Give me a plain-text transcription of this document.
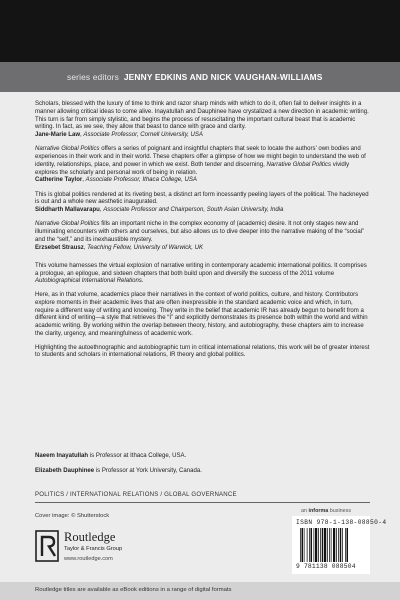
series editors JENNY EDKINS AND NICK VAUGHAN-WILLIAMS

Scholars, blessed with the luxury of time to think and razor sharp minds with which to do it, often fail to deliver insights in a manner allowing critical ideas to come alive. Inayatullah and Dauphinee have crystalized a new direction in academic writing. This turn is far from simply stylistic, and begins the process of resuscitating the important cultural beast that is academic writing. In fact, as we see, they allow that beast to dance with grace and clarity.
Jane-Marie Law, Associate Professor, Cornell University, USA

Narrative Global Politics offers a series of poignant and insightful chapters that seek to locate the authors' own bodies and experiences in their work and in their world. These chapters offer a glimpse of how we might begin to understand the web of identity, relationships, place, and power in which we exist. Both tender and discerning, Narrative Global Politics vividly explores the scholarly and personal work of being in relation.
Catherine Taylor, Associate Professor, Ithaca College, USA

This is global politics rendered at its riveting best, a distinct art form incessantly peeling layers of the political. The hackneyed is out and a whole new aesthetic inaugurated.
Siddharth Mallavarapu, Associate Professor and Chairperson, South Asian University, India

Narrative Global Politics fills an important niche in the complex economy of (academic) desire. It not only stages new and illuminating encounters with others and ourselves, but also allows us to dive deeper into the narrative making of the “social” and the “self,” and its inexhaustible mystery.
Erzsebet Strausz, Teaching Fellow, University of Warwick, UK

This volume harnesses the virtual explosion of narrative writing in contemporary academic international politics. It comprises a prologue, an epilogue, and sixteen chapters that both build upon and diversify the success of the 2011 volume Autobiographical International Relations.

Here, as in that volume, academics place their narratives in the context of world politics, culture, and history. Contributors explore moments in their academic lives that are often inexpressible in the standard academic voice and which, in turn, require a different way of writing and knowing. They write in the belief that academic IR has already begun to benefit from a different kind of writing—a style that retrieves the “I” and explicitly demonstrates its presence both within the world and within academic writing. By working within the overlap between theory, history, and autobiography, these chapters aim to increase the clarity, urgency, and meaningfulness of academic work.

Highlighting the autoethnographic and autobiographic turn in critical international relations, this work will be of greater interest to students and scholars in international relations, IR theory and global politics.

Naeem Inayatullah is Professor at Ithaca College, USA.

Elizabeth Dauphinee is Professor at York University, Canada.

POLITICS / INTERNATIONAL RELATIONS / GLOBAL GOVERNANCE
an informa business
Cover image: © Shutterstock
Routledge
Taylor & Francis Group
www.routledge.com
ISBN 978-1-138-08850-4
9 781138 088504
Routledge titles are available as eBook editions in a range of digital formats
